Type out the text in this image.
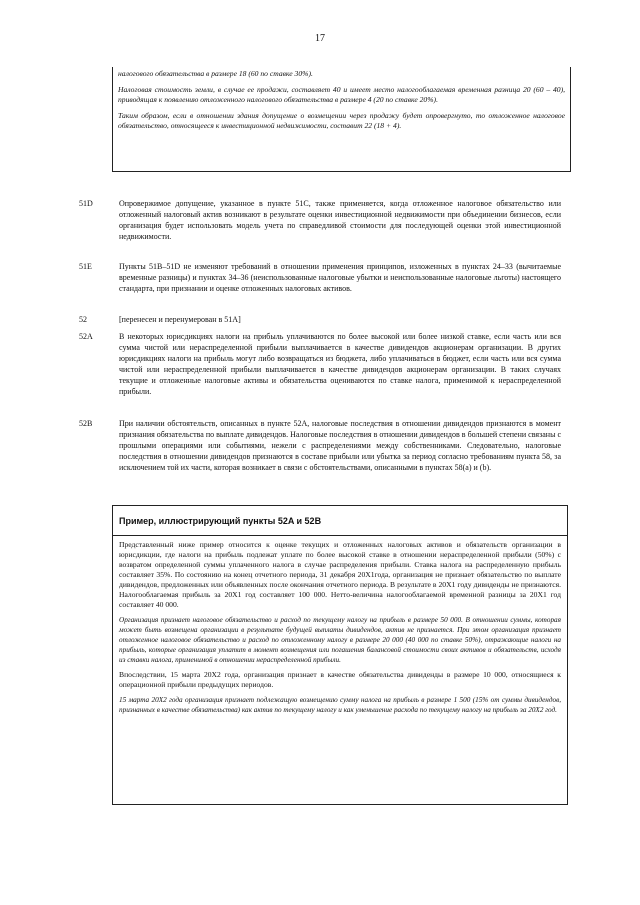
17

налогового обязательства в размере 18 (60 по ставке 30%).

Налоговая стоимость земли, в случае ее продажи, составляет 40 и имеет место налогооблагаемая временная разница 20 (60 – 40), приводящая к появлению отложенного налогового обязательства в размере 4 (20 по ставке 20%).

Таким образом, если в отношении здания допущение о возмещении через продажу будет опровергнуто, то отложенное налоговое обязательство, относящееся к инвестиционной недвижимости, составит 22 (18 + 4).

51D	Опровержимое допущение, указанное в пункте 51C, также применяется, когда отложенное налоговое обязательство или отложенный налоговый актив возникают в результате оценки инвестиционной недвижимости при объединении бизнесов, если организация будет использовать модель учета по справедливой стоимости для последующей оценки этой инвестиционной недвижимости.
51E	Пункты 51B–51D не изменяют требований в отношении применения принципов, изложенных в пунктах 24–33 (вычитаемые временные разницы) и пунктах 34–36 (неиспользованные налоговые убытки и неиспользованные налоговые льготы) настоящего стандарта, при признании и оценке отложенных налоговых активов.
52	[перенесен и перенумерован в 51A]
52A	В некоторых юрисдикциях налоги на прибыль уплачиваются по более высокой или более низкой ставке, если часть или вся сумма чистой или нераспределенной прибыли выплачивается в качестве дивидендов акционерам организации. В других юрисдикциях налоги на прибыль могут либо возвращаться из бюджета, либо уплачиваться в бюджет, если часть или вся сумма чистой или нераспределенной прибыли выплачивается в качестве дивидендов акционерам организации. В таких случаях текущие и отложенные налоговые активы и обязательства оцениваются по ставке налога, применимой к нераспределенной прибыли.
52B	При наличии обстоятельств, описанных в пункте 52A, налоговые последствия в отношении дивидендов признаются в момент признания обязательства по выплате дивидендов. Налоговые последствия в отношении дивидендов в большей степени связаны с прошлыми операциями или событиями, нежели с распределениями между собственниками. Следовательно, налоговые последствия в отношении дивидендов признаются в составе прибыли или убытка за период согласно требованиям пункта 58, за исключением той их части, которая возникает в связи с обстоятельствами, описанными в пунктах 58(a) и (b).
Пример, иллюстрирующий пункты 52A и 52B

Представленный ниже пример относится к оценке текущих и отложенных налоговых активов и обязательств организации в юрисдикции, где налоги на прибыль подлежат уплате по более высокой ставке в отношении нераспределенной прибыли (50%) с возвратом определенной суммы уплаченного налога в случае распределения прибыли. Ставка налога на распределенную прибыль составляет 35%. По состоянию на конец отчетного периода, 31 декабря 20X1года, организация не признает обязательство по выплате дивидендов, предложенных или объявленных после окончания отчетного периода. В результате в 20X1 году дивиденды не признаются. Налогооблагаемая прибыль за 20X1 год составляет 100 000. Нетто-величина налогооблагаемой временной разницы за 20X1 год составляет 40 000.

Организация признает налоговое обязательство и расход по текущему налогу на прибыль в размере 50 000. В отношении суммы, которая может быть возмещена организации в результате будущей выплаты дивидендов, актив не признается. При этом организация признает отложенное налоговое обязательство и расход по отложенному налогу в размере 20 000 (40 000 по ставке 50%), отражающие налоги на прибыль, которые организация уплатит в момент возмещения или погашения балансовой стоимости своих активов и обязательств, исходя из ставки налога, применимой в отношении нераспределенной прибыли.

Впоследствии, 15 марта 20X2 года, организация признает в качестве обязательства дивиденды в размере 10 000, относящиеся к операционной прибыли предыдущих периодов.

15 марта 20X2 года организация признает подлежащую возмещению сумму налога на прибыль в размере 1 500 (15% от суммы дивидендов, признанных в качестве обязательства) как актив по текущему налогу и как уменьшение расхода по текущему налогу на прибыль за 20X2 год.
